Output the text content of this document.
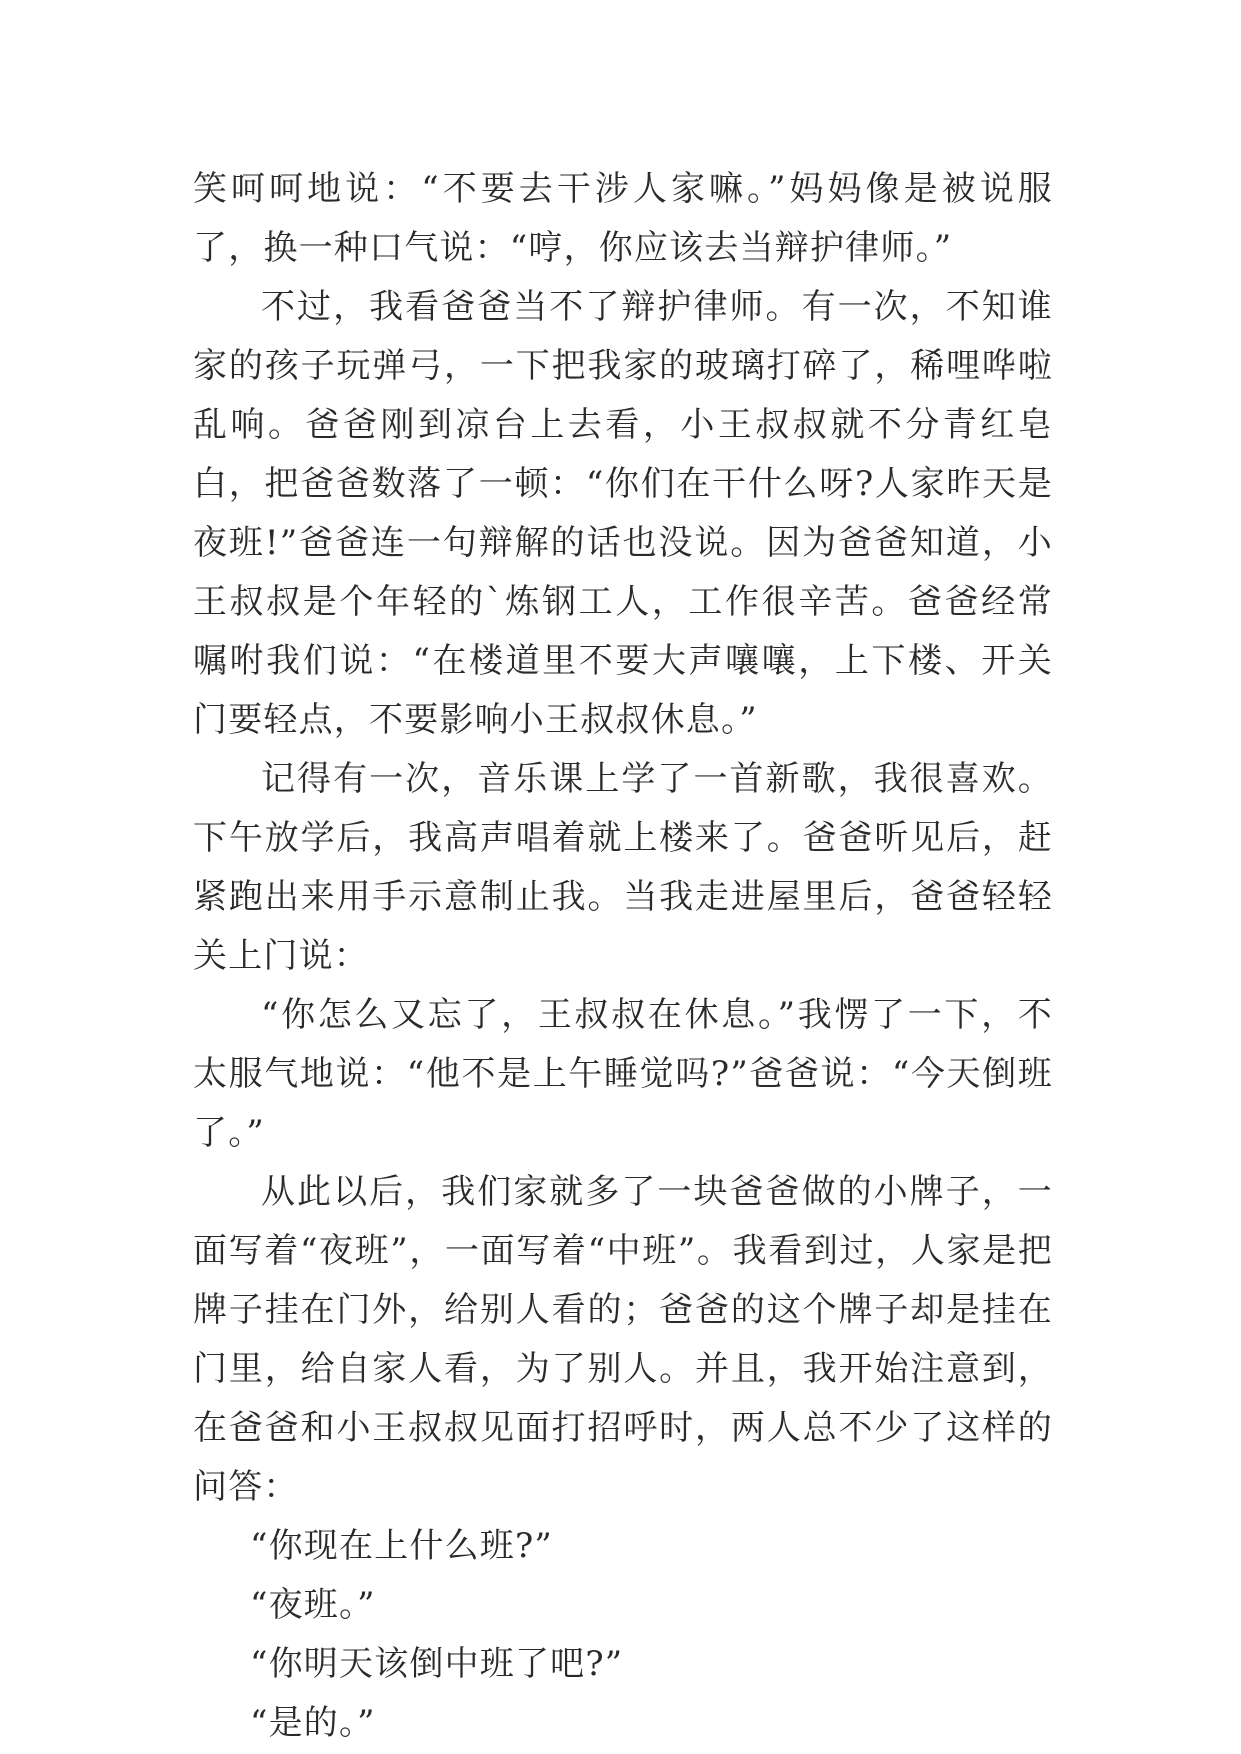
笑呵呵地说：“不要去干涉人家嘛。”妈妈像是被说服了，换一种口气说：“哼，你应该去当辩护律师。”

不过，我看爸爸当不了辩护律师。有一次，不知谁家的孩子玩弹弓，一下把我家的玻璃打碎了，稀哩哗啦乱响。爸爸刚到凉台上去看，小王叔叔就不分青红皂白，把爸爸数落了一顿：“你们在干什么呀?人家昨天是夜班!”爸爸连一句辩解的话也没说。因为爸爸知道，小王叔叔是个年轻的`炼钢工人，工作很辛苦。爸爸经常嘱咐我们说：“在楼道里不要大声嚷嚷，上下楼、开关门要轻点，不要影响小王叔叔休息。”

记得有一次，音乐课上学了一首新歌，我很喜欢。下午放学后，我高声唱着就上楼来了。爸爸听见后，赶紧跑出来用手示意制止我。当我走进屋里后，爸爸轻轻关上门说：

“你怎么又忘了，王叔叔在休息。”我愣了一下，不太服气地说：“他不是上午睡觉吗?”爸爸说：“今天倒班了。”

从此以后，我们家就多了一块爸爸做的小牌子，一面写着“夜班”，一面写着“中班”。我看到过，人家是把牌子挂在门外，给别人看的；爸爸的这个牌子却是挂在门里，给自家人看，为了别人。并且，我开始注意到，在爸爸和小王叔叔见面打招呼时，两人总不少了这样的问答：

“你现在上什么班?”

“夜班。”

“你明天该倒中班了吧?”

“是的。”
